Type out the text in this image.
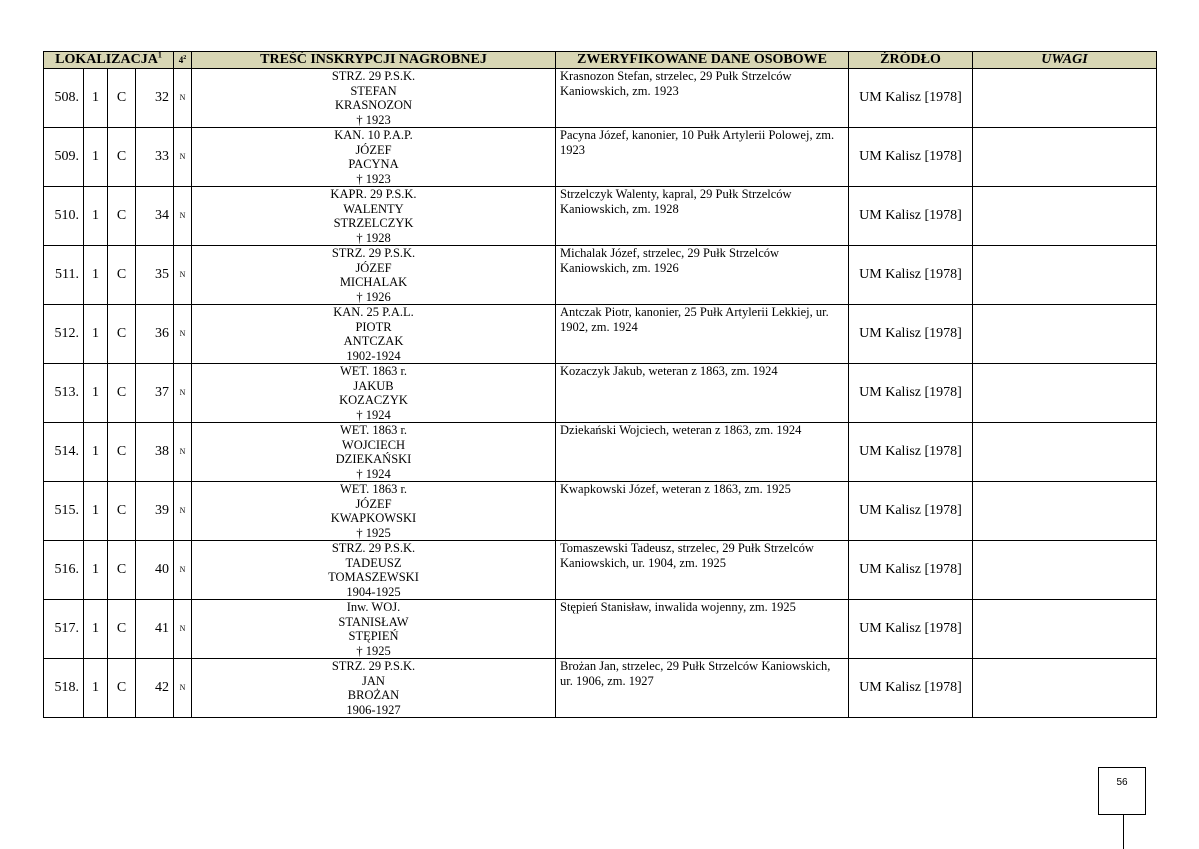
LOKALIZACJA$^1$				$4^2$	TREŚĆ INSKRYPCJI NAGROBNEJ	ZWERYFIKOWANE DANE OSOBOWE	ŹRÓDŁO	UWAGI
508.	1	C	32	N	STRZ. 29 P.S.K.
STEFAN
KRASNOZON
† 1923	Krasnozon Stefan, strzelec, 29 Pułk Strzelców Kaniowskich, zm. 1923	UM Kalisz [1978]	
509.	1	C	33	N	KAN. 10 P.A.P.
JÓZEF
PACYNA
† 1923	Pacyna Józef, kanonier, 10 Pułk Artylerii Polowej, zm. 1923	UM Kalisz [1978]	
510.	1	C	34	N	KAPR. 29 P.S.K.
WALENTY
STRZELCZYK
† 1928	Strzelczyk Walenty, kapral, 29 Pułk Strzelców Kaniowskich, zm. 1928	UM Kalisz [1978]	
511.	1	C	35	N	STRZ. 29 P.S.K.
JÓZEF
MICHALAK
† 1926	Michalak Józef, strzelec, 29 Pułk Strzelców Kaniowskich, zm. 1926	UM Kalisz [1978]	
512.	1	C	36	N	KAN. 25 P.A.L.
PIOTR
ANTCZAK
1902-1924	Antczak Piotr, kanonier, 25 Pułk Artylerii Lekkiej, ur. 1902, zm. 1924	UM Kalisz [1978]	
513.	1	C	37	N	WET. 1863 r.
JAKUB
KOZACZYK
† 1924	Kozaczyk Jakub, weteran z 1863, zm. 1924	UM Kalisz [1978]	
514.	1	C	38	N	WET. 1863 r.
WOJCIECH
DZIEKAŃSKI
† 1924	Dziekański Wojciech, weteran z 1863, zm. 1924	UM Kalisz [1978]	
515.	1	C	39	N	WET. 1863 r.
JÓZEF
KWAPKOWSKI
† 1925	Kwapkowski Józef, weteran z 1863, zm. 1925	UM Kalisz [1978]	
516.	1	C	40	N	STRZ. 29 P.S.K.
TADEUSZ
TOMASZEWSKI
1904-1925	Tomaszewski Tadeusz, strzelec, 29 Pułk Strzelców Kaniowskich, ur. 1904, zm. 1925	UM Kalisz [1978]	
517.	1	C	41	N	Inw. WOJ.
STANISŁAW
STĘPIEŃ
† 1925	Stępień Stanisław, inwalida wojenny, zm. 1925	UM Kalisz [1978]	
518.	1	C	42	N	STRZ. 29 P.S.K.
JAN
BROŻAN
1906-1927	Brożan Jan, strzelec, 29 Pułk Strzelców Kaniowskich, ur. 1906, zm. 1927	UM Kalisz [1978]	
56
